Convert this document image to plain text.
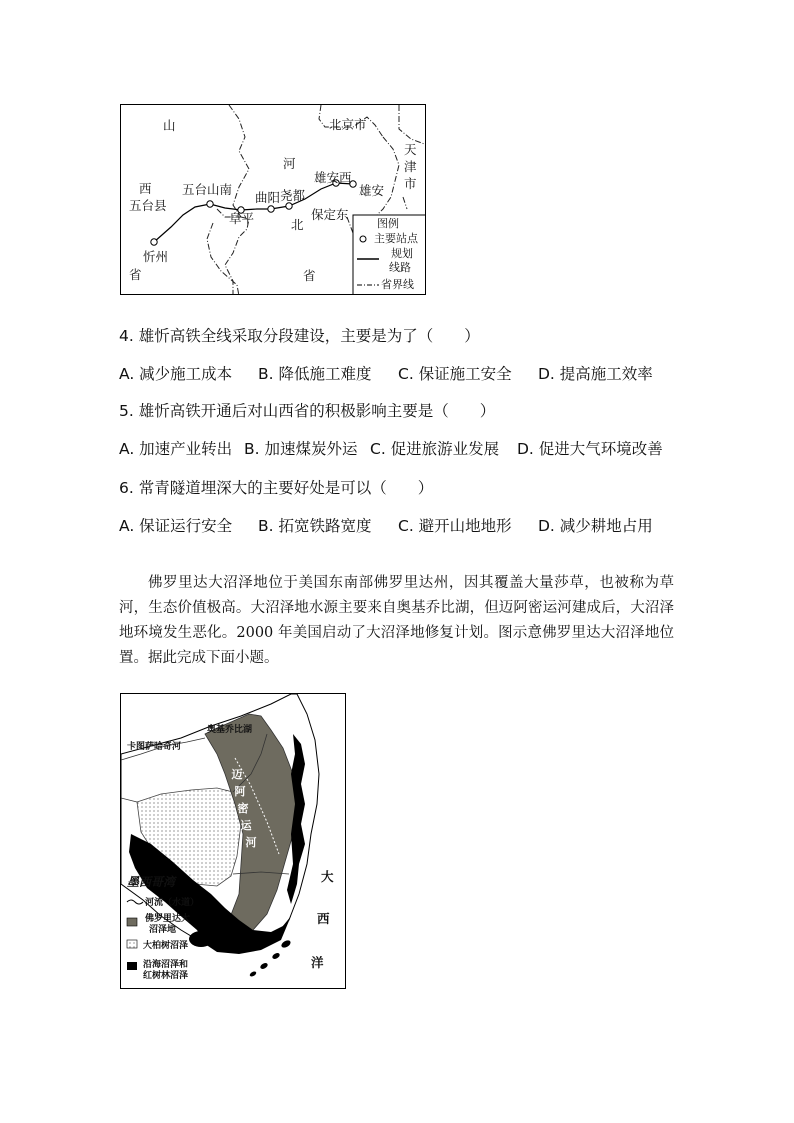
山	北京市
河
天
津
市
西 五台山南
五台县
曲阳 尧都
雄安西
雄安
阜平	保定东
北
忻州
省	省
图例
主要站点
规划
线路
省界线
4. 雄忻高铁全线采取分段建设，主要是为了（　　）
A. 减少施工成本 B. 降低施工难度 C. 保证施工安全 D. 提高施工效率
5. 雄忻高铁开通后对山西省的积极影响主要是（　　）
A. 加速产业转出 B. 加速煤炭外运 C. 促进旅游业发展 D. 促进大气环境改善
6. 常青隧道埋深大的主要好处是可以（　　）
A. 保证运行安全 B. 拓宽铁路宽度 C. 避开山地地形 D. 减少耕地占用

佛罗里达大沼泽地位于美国东南部佛罗里达州，因其覆盖大量莎草，也被称为草河，生态价值极高。大沼泽地水源主要来自奥基乔比湖，但迈阿密运河建成后，大沼泽地环境发生恶化。2000 年美国启动了大沼泽地修复计划。图示意佛罗里达大沼泽地位置。据此完成下面小题。

奥基乔比湖
卡图萨哈奇河
迈
阿
密
运
河
墨西哥湾	大
西
洋
河流（水道）
佛罗里达大
沼泽地
大柏树沼泽
沿海沼泽和
红树林沼泽
